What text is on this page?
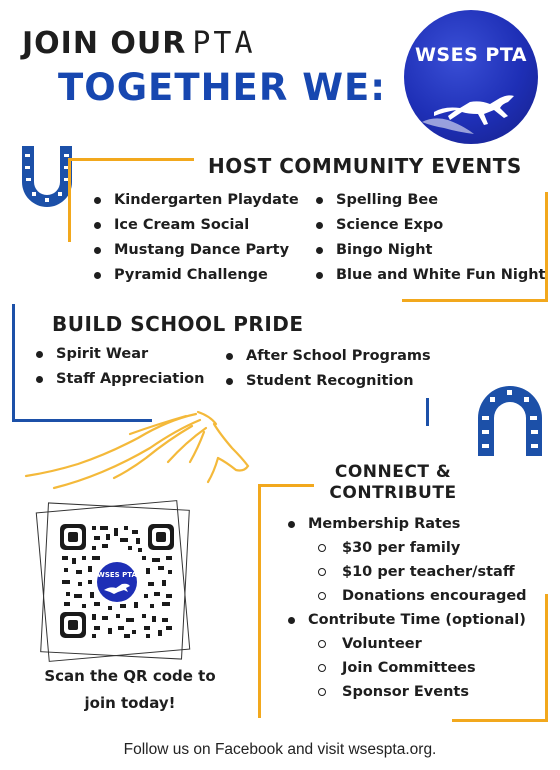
JOIN OUR PTA
TOGETHER WE:
WSES PTA
HOST COMMUNITY EVENTS
Kindergarten Playdate
Ice Cream Social
Mustang Dance Party
Pyramid Challenge
Spelling Bee
Science Expo
Bingo Night
Blue and White Fun Night
BUILD SCHOOL PRIDE
Spirit Wear
Staff Appreciation
After School Programs
Student Recognition
WSES PTA
Scan the QR code to
join today!
CONNECT &
CONTRIBUTE
Membership Rates
$30 per family
$10 per teacher/staff
Donations encouraged
Contribute Time (optional)
Volunteer
Join Committees
Sponsor Events
Follow us on Facebook and visit wsespta.org.
